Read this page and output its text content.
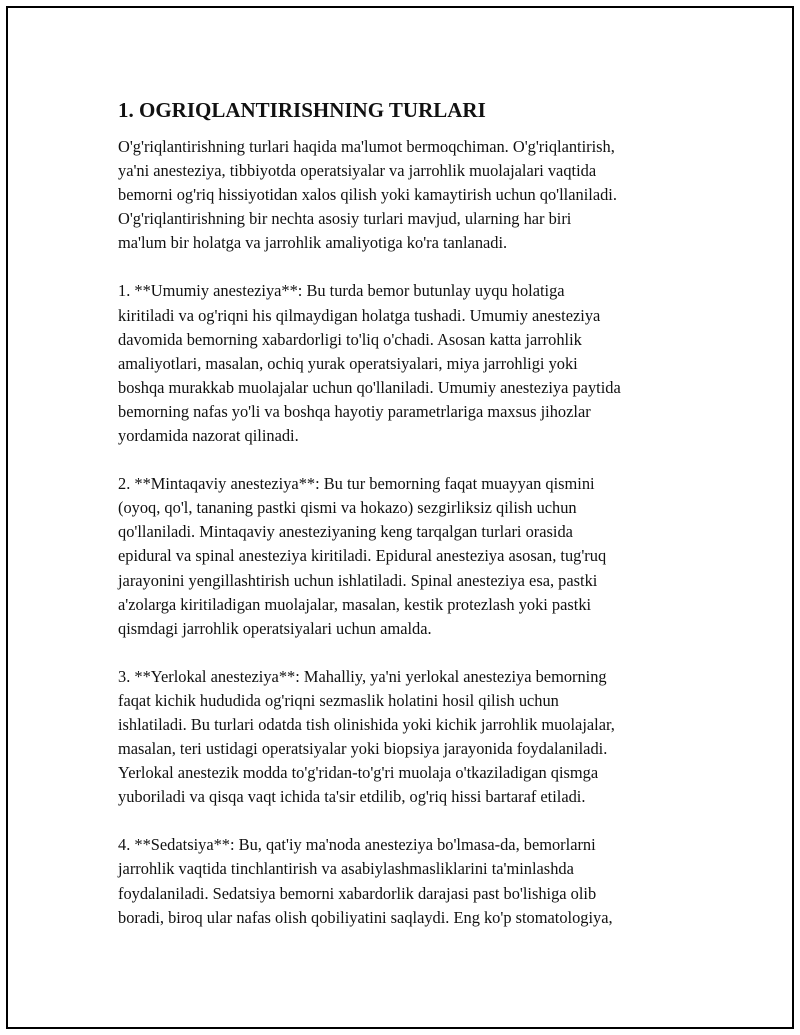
1. OGRIQLANTIRISHNING TURLARI

O'g'riqlantirishning turlari haqida ma'lumot bermoqchiman. O'g'riqlantirish,
ya'ni anesteziya, tibbiyotda operatsiyalar va jarrohlik muolajalari vaqtida
bemorni og'riq hissiyotidan xalos qilish yoki kamaytirish uchun qo'llaniladi.
O'g'riqlantirishning bir nechta asosiy turlari mavjud, ularning har biri
ma'lum bir holatga va jarrohlik amaliyotiga ko'ra tanlanadi.

1. **Umumiy anesteziya**: Bu turda bemor butunlay uyqu holatiga
kiritiladi va og'riqni his qilmaydigan holatga tushadi. Umumiy anesteziya
davomida bemorning xabardorligi to'liq o'chadi. Asosan katta jarrohlik
amaliyotlari, masalan, ochiq yurak operatsiyalari, miya jarrohligi yoki
boshqa murakkab muolajalar uchun qo'llaniladi. Umumiy anesteziya paytida
bemorning nafas yo'li va boshqa hayotiy parametrlariga maxsus jihozlar
yordamida nazorat qilinadi.

2. **Mintaqaviy anesteziya**: Bu tur bemorning faqat muayyan qismini
(oyoq, qo'l, tananing pastki qismi va hokazo) sezgirliksiz qilish uchun
qo'llaniladi. Mintaqaviy anesteziyaning keng tarqalgan turlari orasida
epidural va spinal anesteziya kiritiladi. Epidural anesteziya asosan, tug'ruq
jarayonini yengillashtirish uchun ishlatiladi. Spinal anesteziya esa, pastki
a'zolarga kiritiladigan muolajalar, masalan, kestik protezlash yoki pastki
qismdagi jarrohlik operatsiyalari uchun amalda.

3. **Yerlokal anesteziya**: Mahalliy, ya'ni yerlokal anesteziya bemorning
faqat kichik hududida og'riqni sezmaslik holatini hosil qilish uchun
ishlatiladi. Bu turlari odatda tish olinishida yoki kichik jarrohlik muolajalar,
masalan, teri ustidagi operatsiyalar yoki biopsiya jarayonida foydalaniladi.
Yerlokal anestezik modda to'g'ridan-to'g'ri muolaja o'tkaziladigan qismga
yuboriladi va qisqa vaqt ichida ta'sir etdilib, og'riq hissi bartaraf etiladi.

4. **Sedatsiya**: Bu, qat'iy ma'noda anesteziya bo'lmasa-da, bemorlarni
jarrohlik vaqtida tinchlantirish va asabiylashmasliklarini ta'minlashda
foydalaniladi. Sedatsiya bemorni xabardorlik darajasi past bo'lishiga olib
boradi, biroq ular nafas olish qobiliyatini saqlaydi. Eng ko'p stomatologiya,
